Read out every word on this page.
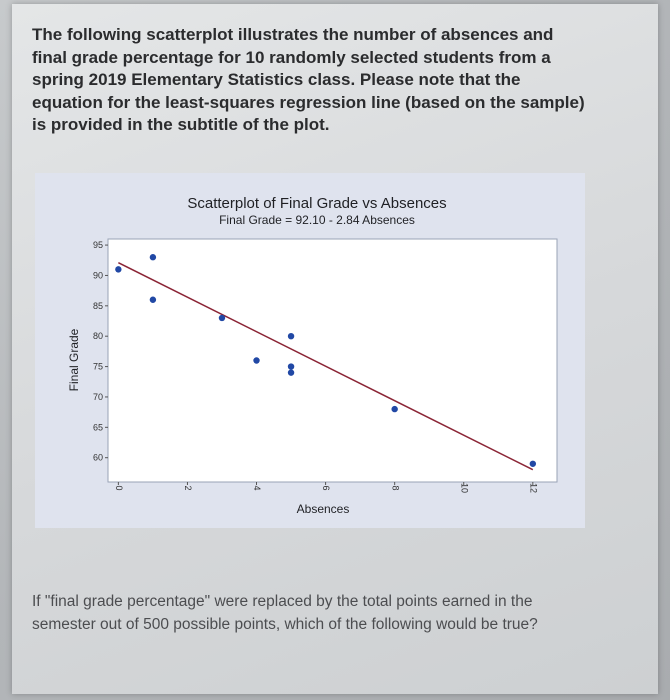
The following scatterplot illustrates the number of absences and final grade percentage for 10 randomly selected students from a spring 2019 Elementary Statistics class. Please note that the equation for the least-squares regression line (based on the sample) is provided in the subtitle of the plot.

Scatterplot of Final Grade vs Absences
Final Grade = 92.10 - 2.84 Absences
60
65
70
75
80
85
90
95
0	2	4	6	8	10	12
Absences
Final Grade

If "final grade percentage" were replaced by the total points earned in the semester out of 500 possible points, which of the following would be true?
